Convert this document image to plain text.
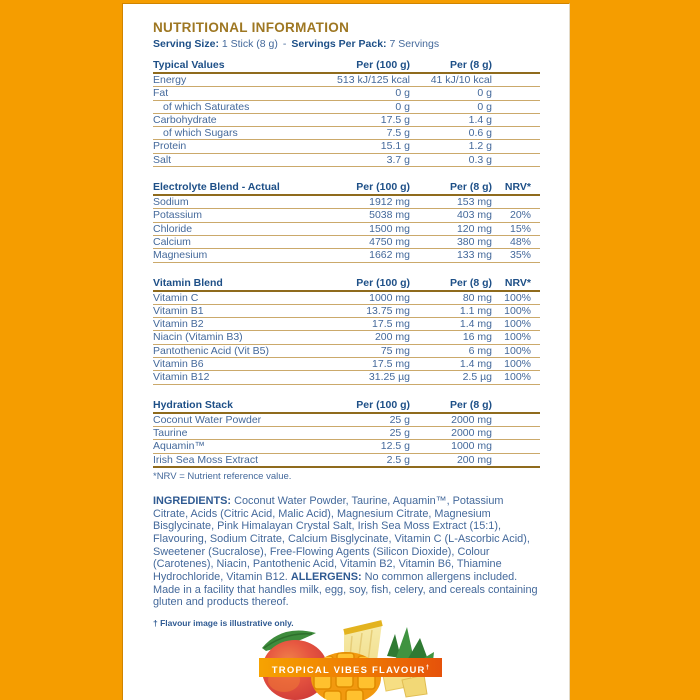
NUTRITIONAL INFORMATION

Serving Size: 1 Stick (8 g) - Servings Per Pack: 7 Servings

Typical Values	Per (100 g)	Per (8 g)
Energy	513 kJ/125 kcal	41 kJ/10 kcal
Fat	0 g	0 g
of which Saturates	0 g	0 g
Carbohydrate	17.5 g	1.4 g
of which Sugars	7.5 g	0.6 g
Protein	15.1 g	1.2 g
Salt	3.7 g	0.3 g
Electrolyte Blend - Actual	Per (100 g)	Per (8 g)	NRV*
Sodium	1912 mg	153 mg
Potassium	5038 mg	403 mg	20%
Chloride	1500 mg	120 mg	15%
Calcium	4750 mg	380 mg	48%
Magnesium	1662 mg	133 mg	35%
Vitamin Blend	Per (100 g)	Per (8 g)	NRV*
Vitamin C	1000 mg	80 mg	100%
Vitamin B1	13.75 mg	1.1 mg	100%
Vitamin B2	17.5 mg	1.4 mg	100%
Niacin (Vitamin B3)	200 mg	16 mg	100%
Pantothenic Acid (Vit B5)	75 mg	6 mg	100%
Vitamin B6	17.5 mg	1.4 mg	100%
Vitamin B12	31.25 µg	2.5 µg	100%
Hydration Stack	Per (100 g)	Per (8 g)
Coconut Water Powder	25 g	2000 mg
Taurine	25 g	2000 mg
Aquamin™	12.5 g	1000 mg
Irish Sea Moss Extract	2.5 g	200 mg

*NRV = Nutrient reference value.

INGREDIENTS: Coconut Water Powder, Taurine, Aquamin™, Potassium Citrate, Acids (Citric Acid, Malic Acid), Magnesium Citrate, Magnesium Bisglycinate, Pink Himalayan Crystal Salt, Irish Sea Moss Extract (15:1), Flavouring, Sodium Citrate, Calcium Bisglycinate, Vitamin C (L-Ascorbic Acid), Sweetener (Sucralose), Free-Flowing Agents (Silicon Dioxide), Colour (Carotenes), Niacin, Pantothenic Acid, Vitamin B2, Vitamin B6, Thiamine Hydrochloride, Vitamin B12. ALLERGENS: No common allergens included. Made in a facility that handles milk, egg, soy, fish, celery, and cereals containing gluten and products thereof.

† Flavour image is illustrative only.

TROPICAL VIBES FLAVOUR†
